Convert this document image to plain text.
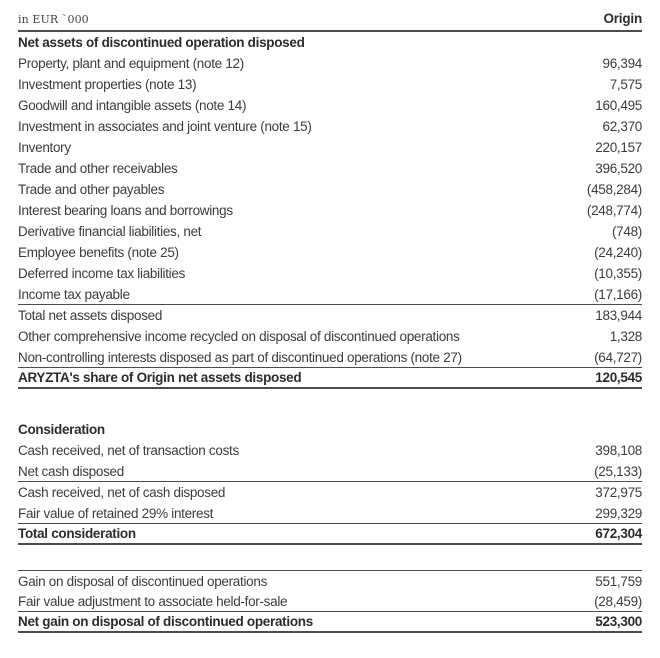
in EUR `000	Origin
Net assets of discontinued operation disposed
Property, plant and equipment (note 12)	96,394
Investment properties (note 13)	7,575
Goodwill and intangible assets (note 14)	160,495
Investment in associates and joint venture (note 15)	62,370
Inventory	220,157
Trade and other receivables	396,520
Trade and other payables	(458,284)
Interest bearing loans and borrowings	(248,774)
Derivative financial liabilities, net	(748)
Employee benefits (note 25)	(24,240)
Deferred income tax liabilities	(10,355)
Income tax payable	(17,166)
Total net assets disposed	183,944
Other comprehensive income recycled on disposal of discontinued operations	1,328
Non-controlling interests disposed as part of discontinued operations (note 27)	(64,727)
ARYZTA's share of Origin net assets disposed	120,545
Consideration
Cash received, net of transaction costs	398,108
Net cash disposed	(25,133)
Cash received, net of cash disposed	372,975
Fair value of retained 29% interest	299,329
Total consideration	672,304
Gain on disposal of discontinued operations	551,759
Fair value adjustment to associate held-for-sale	(28,459)
Net gain on disposal of discontinued operations	523,300
